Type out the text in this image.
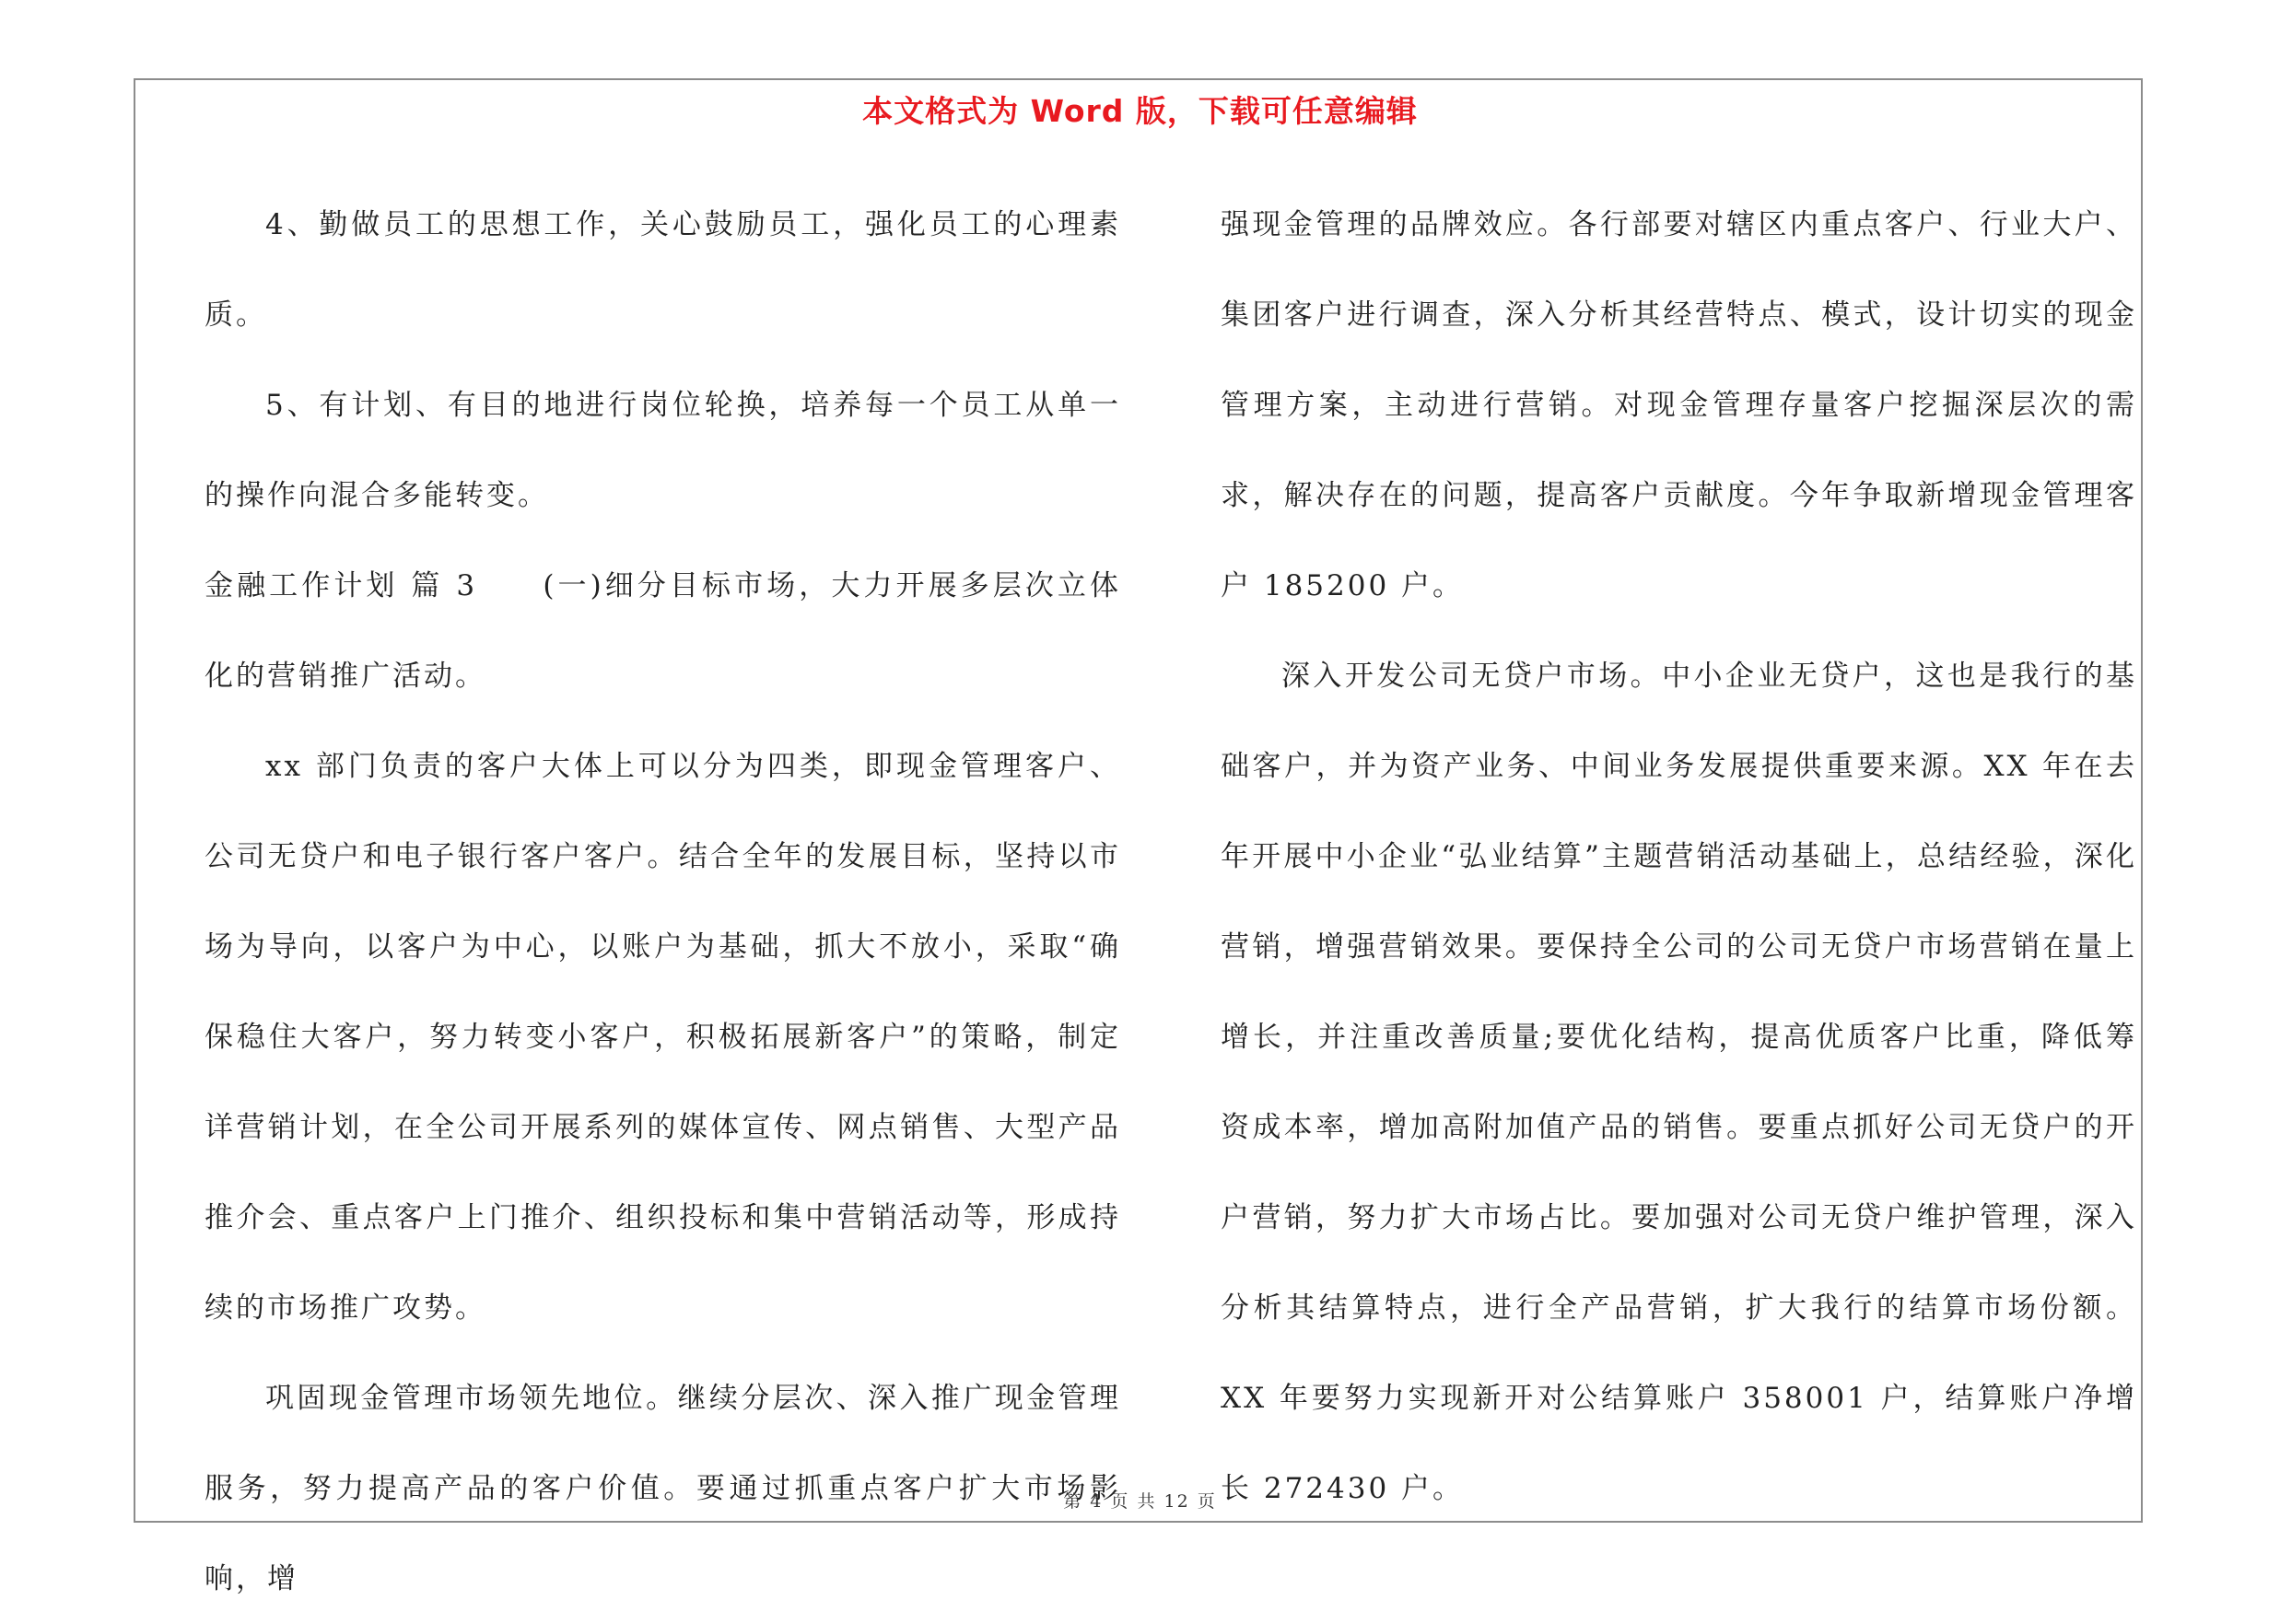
本文格式为 Word 版，下载可任意编辑

4、勤做员工的思想工作，关心鼓励员工，强化员工的心理素质。

5、有计划、有目的地进行岗位轮换，培养每一个员工从单一的操作向混合多能转变。

金融工作计划 篇 3　　(一)细分目标市场，大力开展多层次立体化的营销推广活动。

xx 部门负责的客户大体上可以分为四类，即现金管理客户、公司无贷户和电子银行客户客户。结合全年的发展目标，坚持以市场为导向，以客户为中心，以账户为基础，抓大不放小，采取“确保稳住大客户，努力转变小客户，积极拓展新客户”的策略，制定详营销计划，在全公司开展系列的媒体宣传、网点销售、大型产品推介会、重点客户上门推介、组织投标和集中营销活动等，形成持续的市场推广攻势。

巩固现金管理市场领先地位。继续分层次、深入推广现金管理服务，努力提高产品的客户价值。要通过抓重点客户扩大市场影响，增

强现金管理的品牌效应。各行部要对辖区内重点客户、行业大户、集团客户进行调查，深入分析其经营特点、模式，设计切实的现金管理方案，主动进行营销。对现金管理存量客户挖掘深层次的需求，解决存在的问题，提高客户贡献度。今年争取新增现金管理客户 185200 户。

深入开发公司无贷户市场。中小企业无贷户，这也是我行的基础客户，并为资产业务、中间业务发展提供重要来源。XX 年在去年开展中小企业“弘业结算”主题营销活动基础上，总结经验，深化营销，增强营销效果。要保持全公司的公司无贷户市场营销在量上增长，并注重改善质量;要优化结构，提高优质客户比重，降低筹资成本率，增加高附加值产品的销售。要重点抓好公司无贷户的开户营销，努力扩大市场占比。要加强对公司无贷户维护管理，深入分析其结算特点，进行全产品营销，扩大我行的结算市场份额。XX 年要努力实现新开对公结算账户 358001 户，结算账户净增长 272430 户。

第 4 页 共 12 页
